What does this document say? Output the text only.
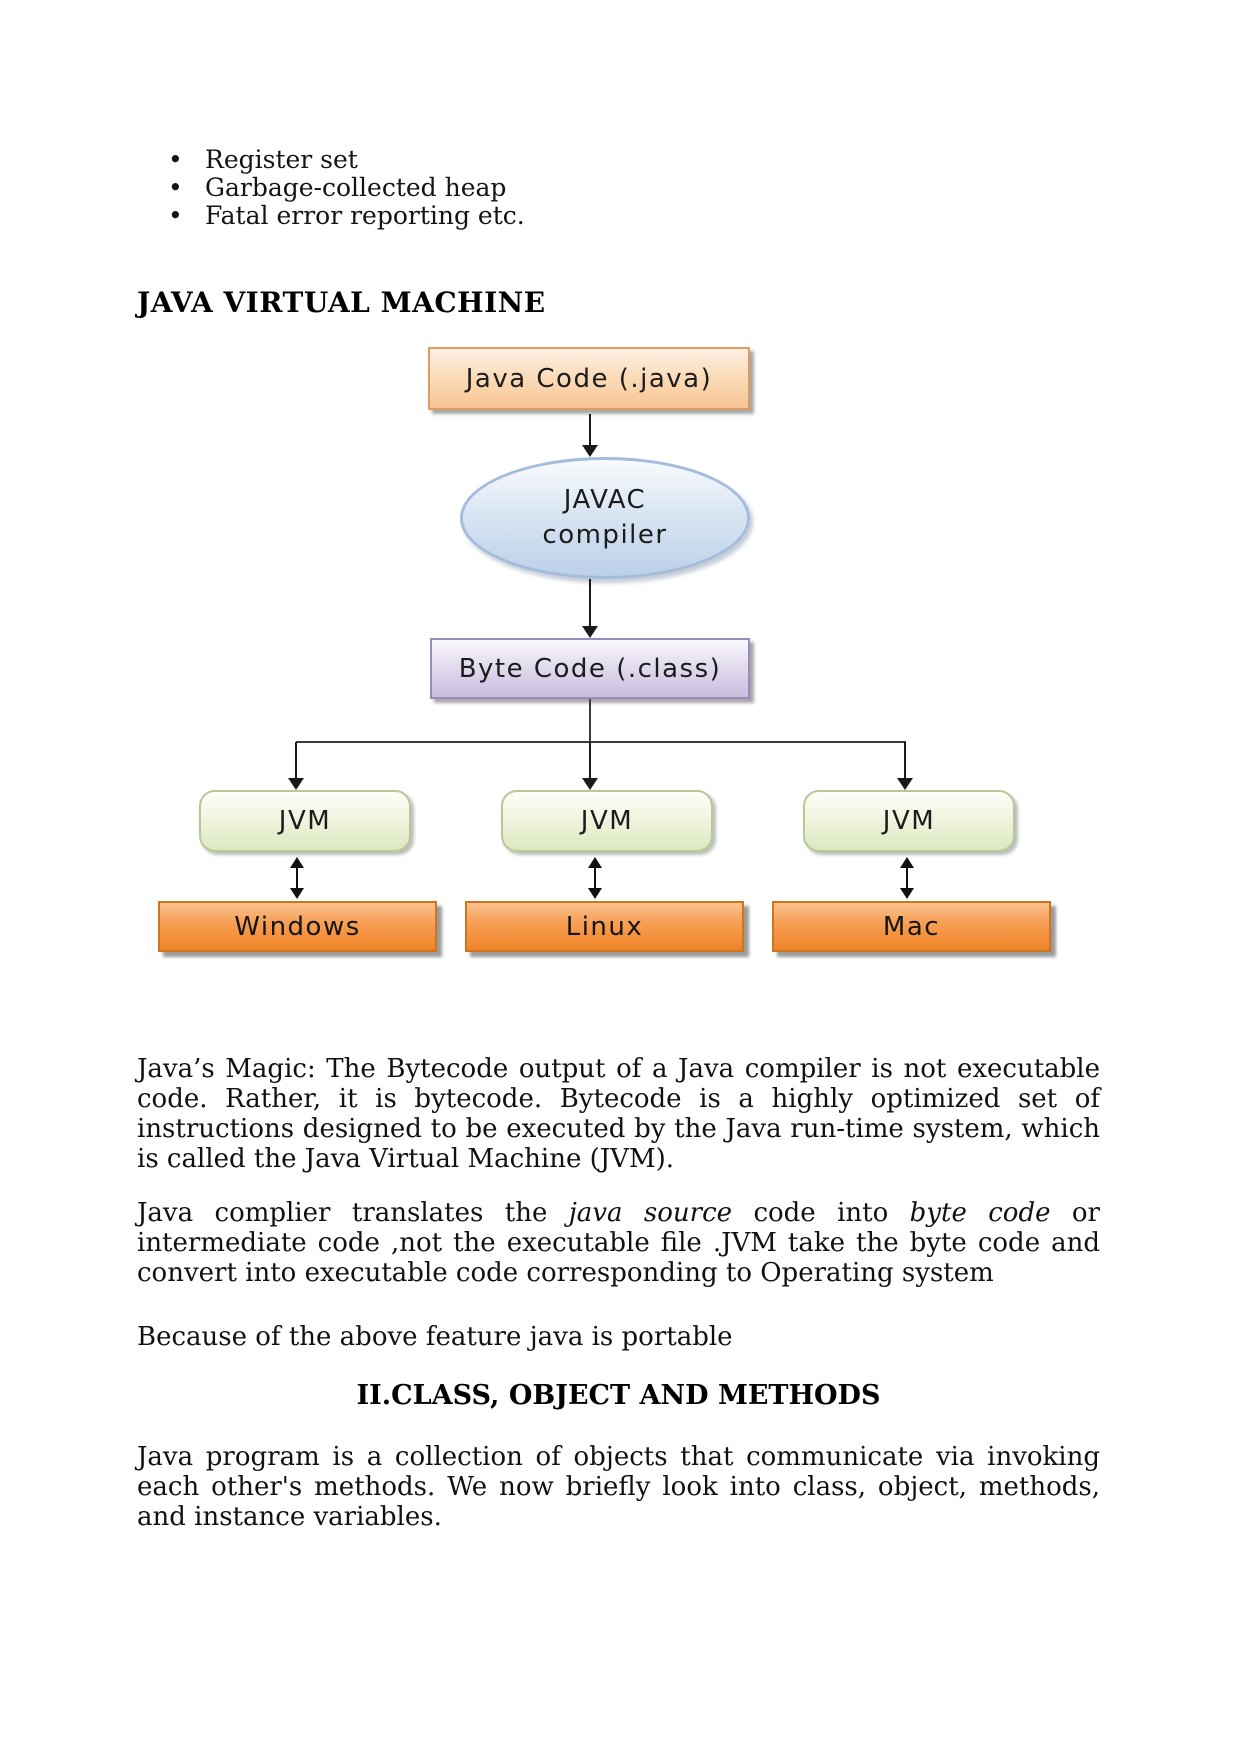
• Register set
• Garbage-collected heap
• Fatal error reporting etc.
JAVA VIRTUAL MACHINE
Java Code (.java)
JAVAC
compiler
Byte Code (.class)
JVM	JVM	JVM
Windows	Linux	Mac

Java’s Magic: The Bytecode output of a Java compiler is not executable code. Rather, it is bytecode. Bytecode is a highly optimized set of instructions designed to be executed by the Java run-time system, which is called the Java Virtual Machine (JVM).

Java complier translates the java source code into byte code or intermediate code ,not the executable file .JVM take the byte code and convert into executable code corresponding to Operating system

Because of the above feature java is portable

II.CLASS, OBJECT AND METHODS

Java program is a collection of objects that communicate via invoking each other's methods. We now briefly look into class, object, methods, and instance variables.
